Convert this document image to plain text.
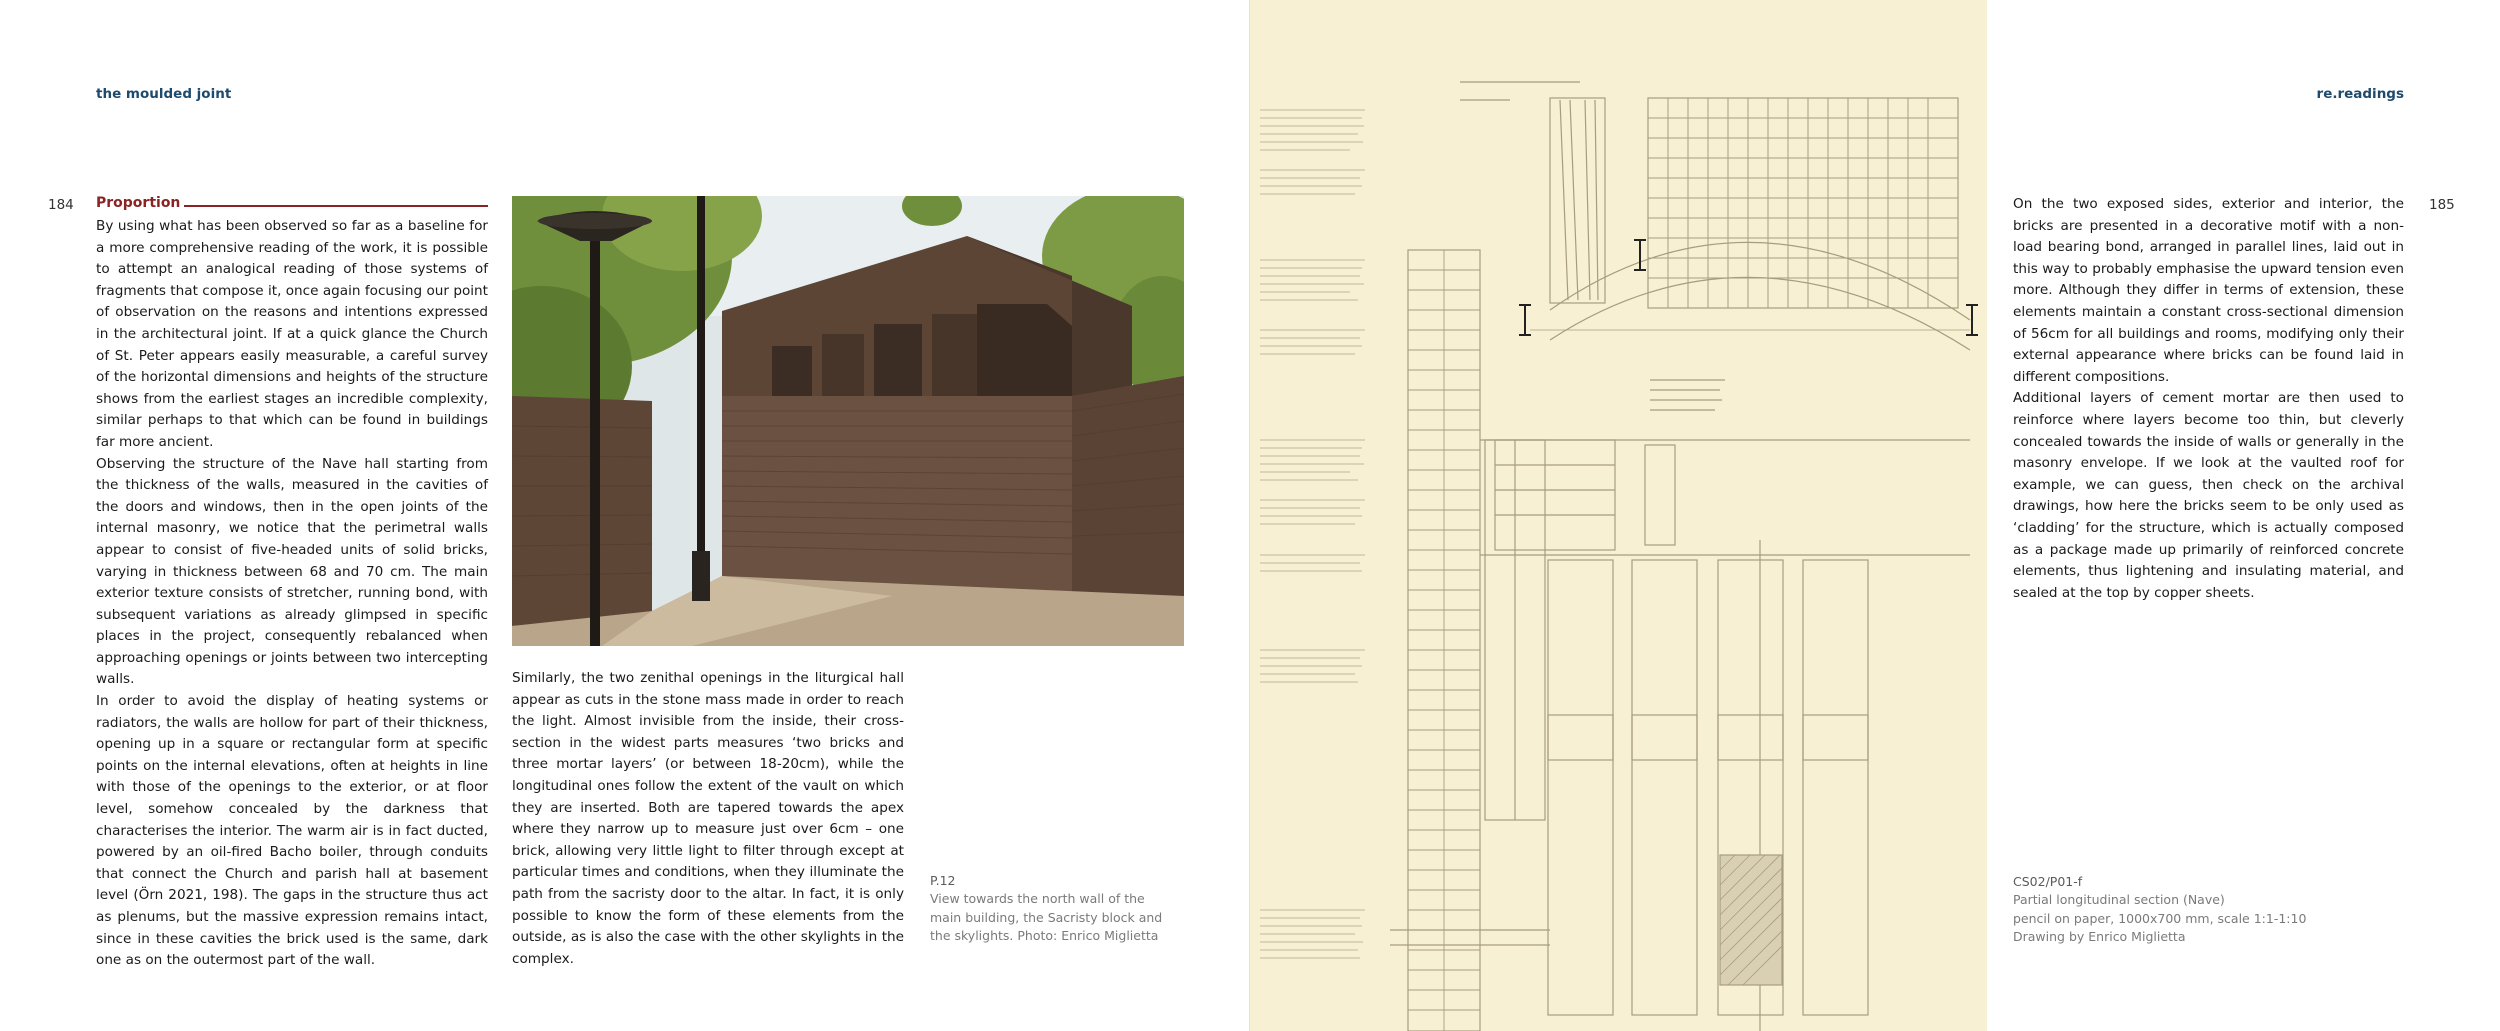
the moulded joint
184 Proportion

By using what has been observed so far as a baseline for a more comprehensive reading of the work, it is possible to attempt an analogical reading of those systems of fragments that compose it, once again focusing our point of observation on the reasons and intentions expressed in the architectural joint. If at a quick glance the Church of St. Peter appears easily measurable, a careful survey of the horizontal dimensions and heights of the structure shows from the earliest stages an incredible complexity, similar perhaps to that which can be found in buildings far more ancient.

Observing the structure of the Nave hall starting from the thickness of the walls, measured in the cavities of the doors and windows, then in the open joints of the internal masonry, we notice that the perimetral walls appear to consist of five-headed units of solid bricks, varying in thickness between 68 and 70 cm. The main exterior texture consists of stretcher, running bond, with subsequent variations as already glimpsed in specific places in the project, consequently rebalanced when approaching openings or joints between two intercepting walls.

In order to avoid the display of heating systems or radiators, the walls are hollow for part of their thickness, opening up in a square or rectangular form at specific points on the internal elevations, often at heights in line with those of the openings to the exterior, or at floor level, somehow concealed by the darkness that characterises the interior. The warm air is in fact ducted, powered by an oil-fired Bacho boiler, through conduits that connect the Church and parish hall at basement level (Örn 2021, 198). The gaps in the structure thus act as plenums, but the massive expression remains intact, since in these cavities the brick used is the same, dark one as on the outermost part of the wall.

Similarly, the two zenithal openings in the liturgical hall appear as cuts in the stone mass made in order to reach the light. Almost invisible from the inside, their cross-section in the widest parts measures ‘two bricks and three mortar layers’ (or between 18-20cm), while the longitudinal ones follow the extent of the vault on which they are inserted. Both are tapered towards the apex where they narrow up to measure just over 6cm – one brick, allowing very little light to filter through except at particular times and conditions, when they illuminate the path from the sacristy door to the altar. In fact, it is only possible to know the form of these elements from the outside, as is also the case with the other skylights in the complex.

P.12
View towards the north wall of the main building, the Sacristy block and the skylights. Photo: Enrico Miglietta
re.readings
185

On the two exposed sides, exterior and interior, the bricks are presented in a decorative motif with a non-load bearing bond, arranged in parallel lines, laid out in this way to probably emphasise the upward tension even more. Although they differ in terms of extension, these elements maintain a constant cross-sectional dimension of 56cm for all buildings and rooms, modifying only their external appearance where bricks can be found laid in different compositions.

Additional layers of cement mortar are then used to reinforce where layers become too thin, but cleverly concealed towards the inside of walls or generally in the masonry envelope. If we look at the vaulted roof for example, we can guess, then check on the archival drawings, how here the bricks seem to be only used as ‘cladding’ for the structure, which is actually composed as a package made up primarily of reinforced concrete elements, thus lightening and insulating material, and sealed at the top by copper sheets.

CS02/P01-f
Partial longitudinal section (Nave)
pencil on paper, 1000x700 mm, scale 1:1-1:10
Drawing by Enrico Miglietta
